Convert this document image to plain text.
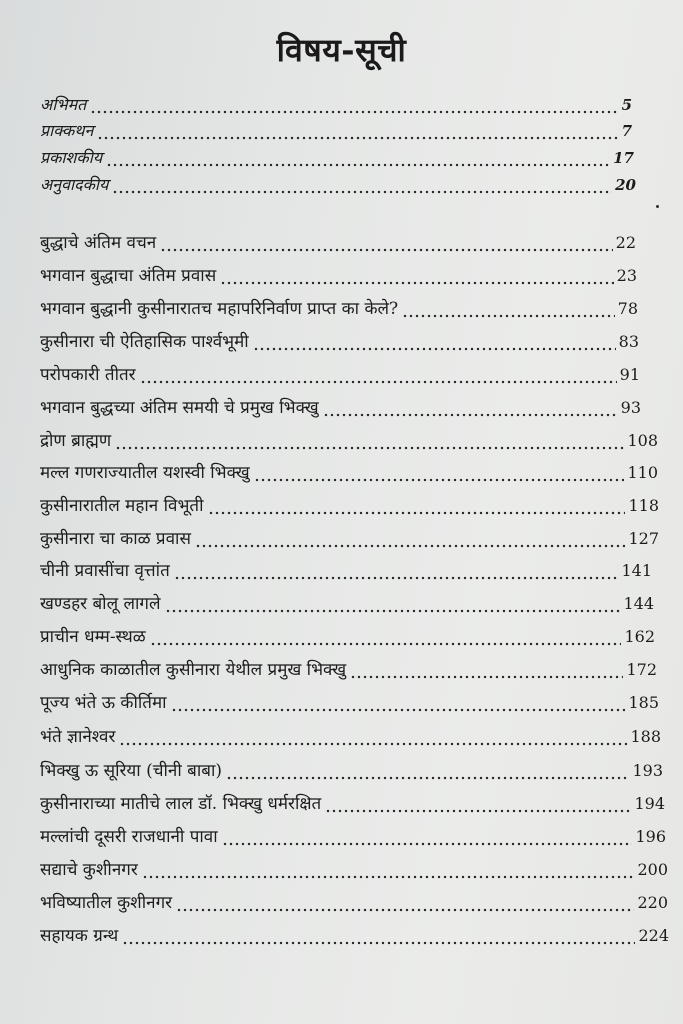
विषय-सूची
अभिमत	5
प्राक्कथन	7
प्रकाशकीय	17
अनुवादकीय	20
बुद्धाचे अंतिम वचन	22
भगवान बुद्धाचा अंतिम प्रवास	23
भगवान बुद्धानी कुसीनारातच महापरिनिर्वाण प्राप्त का केले?	78
कुसीनारा ची ऐतिहासिक पार्श्वभूमी	83
परोपकारी तीतर	91
भगवान बुद्धच्या अंतिम समयी चे प्रमुख भिक्खु	93
द्रोण ब्राह्मण	108
मल्ल गणराज्यातील यशस्वी भिक्खु	110
कुसीनारातील महान विभूती	118
कुसीनारा चा काळ प्रवास	127
चीनी प्रवासींचा वृत्तांत	141
खण्डहर बोलू लागले	144
प्राचीन धम्म-स्थळ	162
आधुनिक काळातील कुसीनारा येथील प्रमुख भिक्खु	172
पूज्य भंते ऊ कीर्तिमा	185
भंते ज्ञानेश्वर	188
भिक्खु ऊ सूरिया (चीनी बाबा)	193
कुसीनाराच्या मातीचे लाल डॉ. भिक्खु धर्मरक्षित	194
मल्लांची दूसरी राजधानी पावा	196
सद्याचे कुशीनगर	200
भविष्यातील कुशीनगर	220
सहायक ग्रन्थ	224
